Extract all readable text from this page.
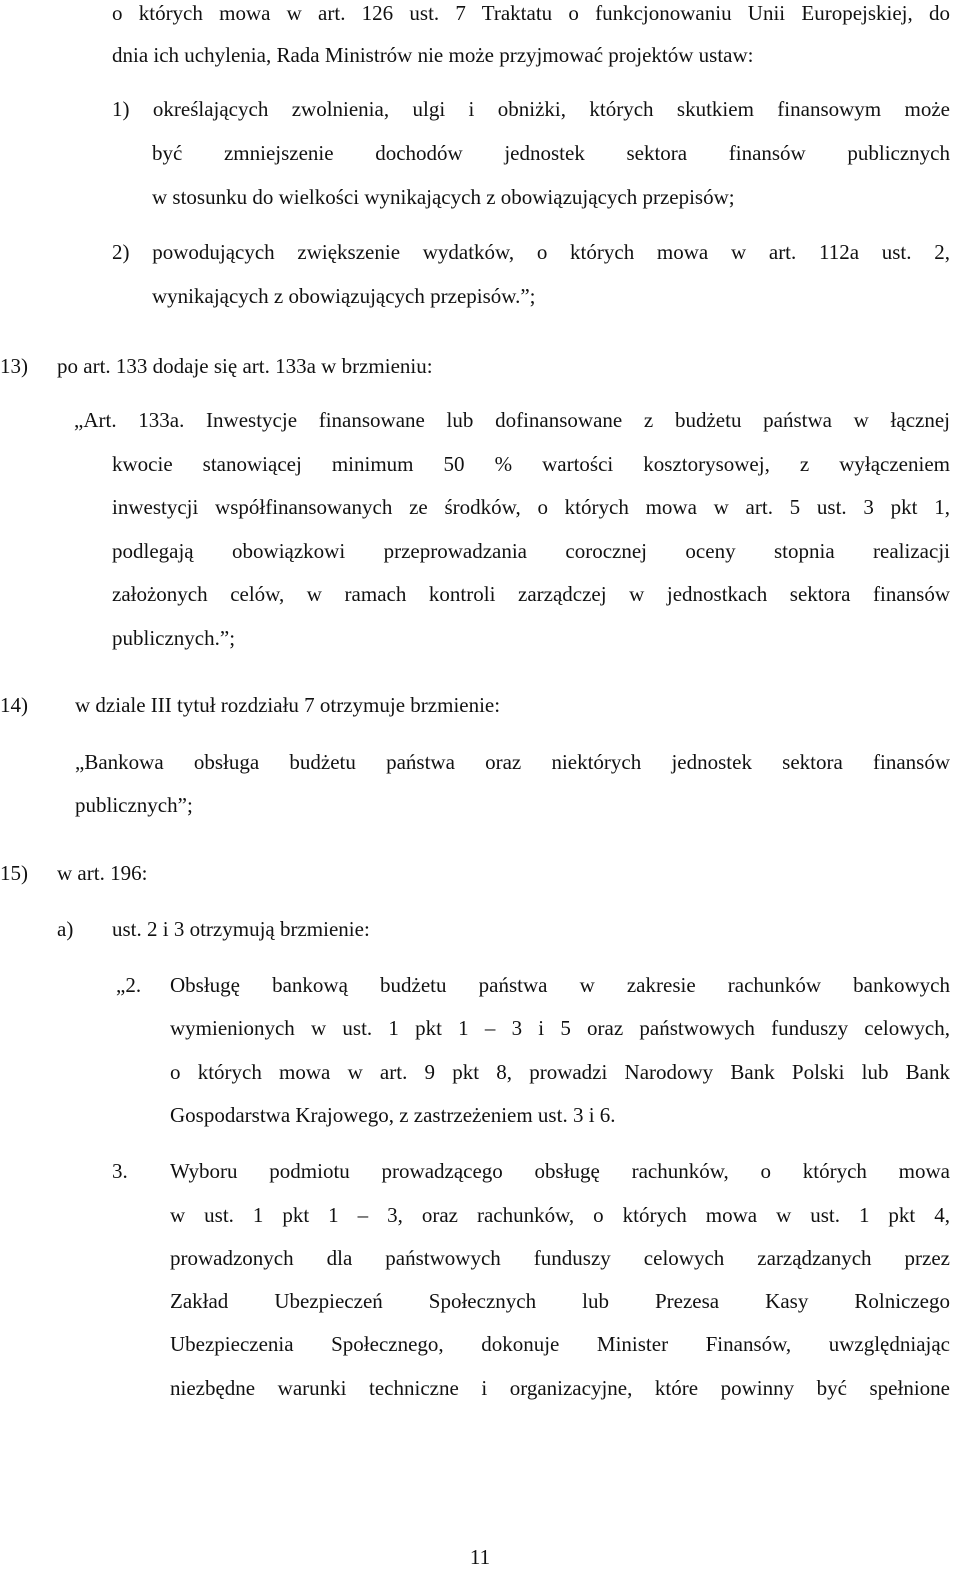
o których mowa w art. 126 ust. 7 Traktatu o funkcjonowaniu Unii Europejskiej, do
dnia ich uchylenia, Rada Ministrów nie może przyjmować projektów ustaw:
1) określających zwolnienia, ulgi i obniżki, których skutkiem finansowym może
być zmniejszenie dochodów jednostek sektora finansów publicznych
w stosunku do wielkości wynikających z obowiązujących przepisów;
2) powodujących zwiększenie wydatków, o których mowa w art. 112a ust. 2,
wynikających z obowiązujących przepisów.”;
13) po art. 133 dodaje się art. 133a w brzmieniu:
„Art. 133a. Inwestycje finansowane lub dofinansowane z budżetu państwa w łącznej
kwocie stanowiącej minimum 50 % wartości kosztorysowej, z wyłączeniem
inwestycji współfinansowanych ze środków, o których mowa w art. 5 ust. 3 pkt 1,
podlegają obowiązkowi przeprowadzania corocznej oceny stopnia realizacji
założonych celów, w ramach kontroli zarządczej w jednostkach sektora finansów
publicznych.”;
14) w dziale III tytuł rozdziału 7 otrzymuje brzmienie:
„Bankowa obsługa budżetu państwa oraz niektórych jednostek sektora finansów
publicznych”;
15) w art. 196:
a) ust. 2 i 3 otrzymują brzmienie:
„2. Obsługę bankową budżetu państwa w zakresie rachunków bankowych
wymienionych w ust. 1 pkt 1 – 3 i 5 oraz państwowych funduszy celowych,
o których mowa w art. 9 pkt 8, prowadzi Narodowy Bank Polski lub Bank
Gospodarstwa Krajowego, z zastrzeżeniem ust. 3 i 6.
3. Wyboru podmiotu prowadzącego obsługę rachunków, o których mowa
w ust. 1 pkt 1 – 3, oraz rachunków, o których mowa w ust. 1 pkt 4,
prowadzonych dla państwowych funduszy celowych zarządzanych przez
Zakład Ubezpieczeń Społecznych lub Prezesa Kasy Rolniczego
Ubezpieczenia Społecznego, dokonuje Minister Finansów, uwzględniając
niezbędne warunki techniczne i organizacyjne, które powinny być spełnione
11
